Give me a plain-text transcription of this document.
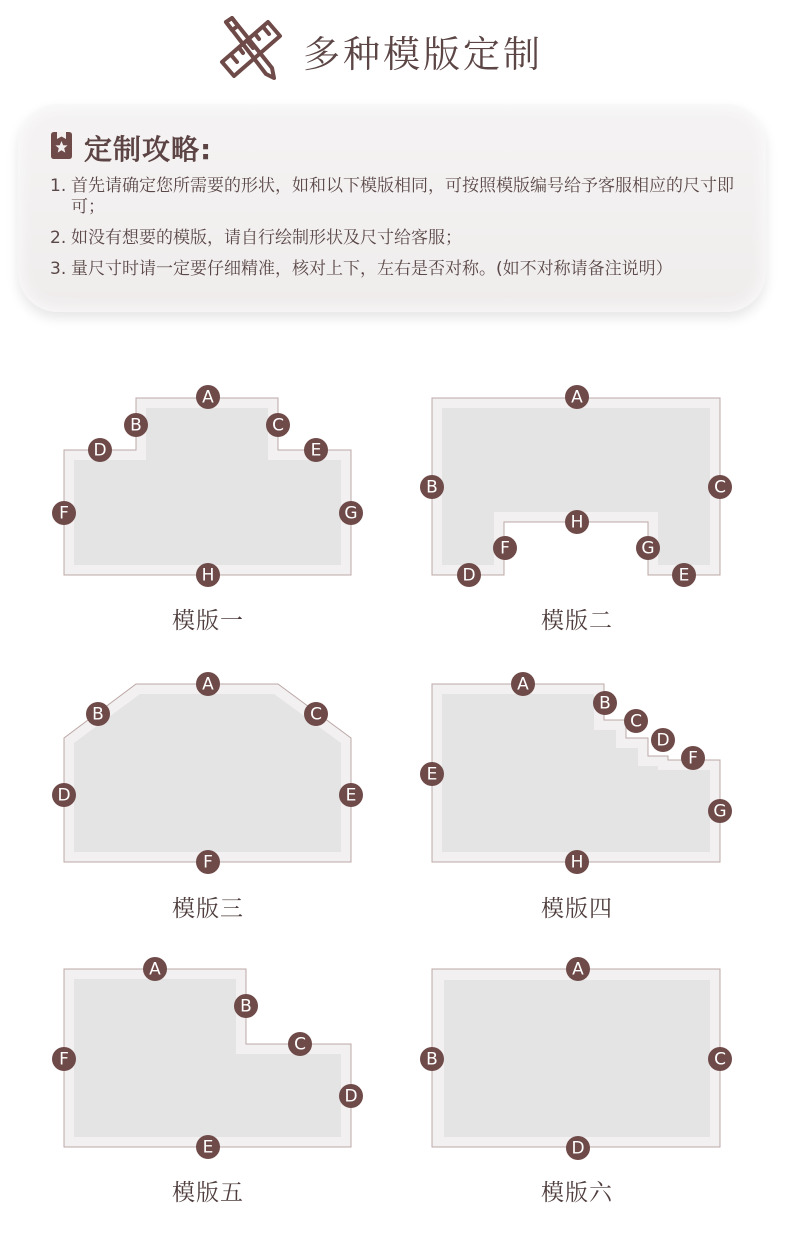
多种模版定制
定制攻略:
1. 首先请确定您所需要的形状，如和以下模版相同，可按照模版编号给予客服相应的尺寸即可；
2. 如没有想要的模版，请自行绘制形状及尺寸给客服；
3. 量尺寸时请一定要仔细精准，核对上下，左右是否对称。(如不对称请备注说明）
A
B	C
D	E
F	G
H
模版一
A
B	C
D	E
F	G
H
模版二
A
B	C
D	E
F
模版三
A
B
C
D
E
F
G
H
模版四
A
B
C
D
E
F
模版五
A
B	C
D
模版六
